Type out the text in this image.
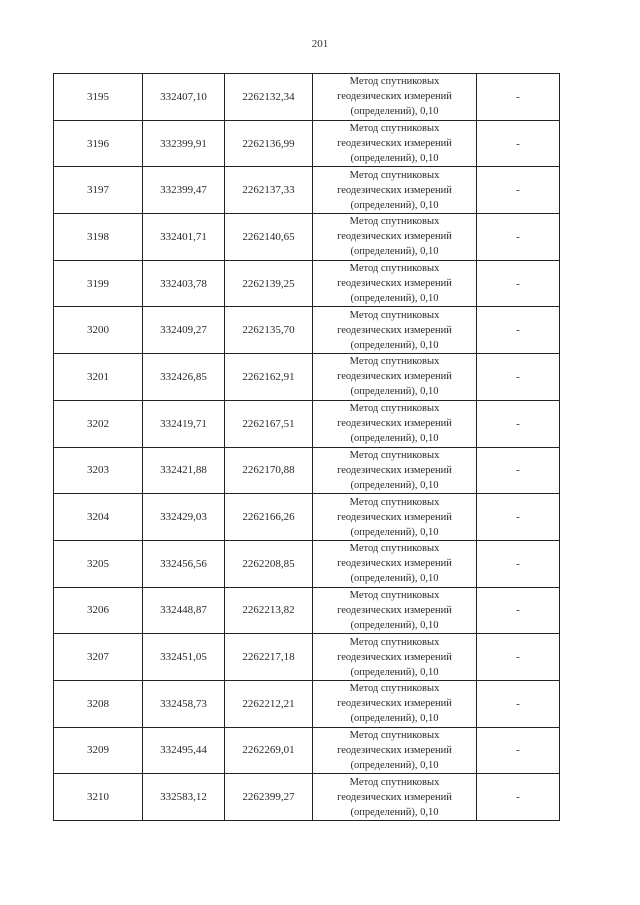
201
3195	332407,10	2262132,34	Метод спутниковых
геодезических измерений
(определений), 0,10	-
3196	332399,91	2262136,99	Метод спутниковых
геодезических измерений
(определений), 0,10	-
3197	332399,47	2262137,33	Метод спутниковых
геодезических измерений
(определений), 0,10	-
3198	332401,71	2262140,65	Метод спутниковых
геодезических измерений
(определений), 0,10	-
3199	332403,78	2262139,25	Метод спутниковых
геодезических измерений
(определений), 0,10	-
3200	332409,27	2262135,70	Метод спутниковых
геодезических измерений
(определений), 0,10	-
3201	332426,85	2262162,91	Метод спутниковых
геодезических измерений
(определений), 0,10	-
3202	332419,71	2262167,51	Метод спутниковых
геодезических измерений
(определений), 0,10	-
3203	332421,88	2262170,88	Метод спутниковых
геодезических измерений
(определений), 0,10	-
3204	332429,03	2262166,26	Метод спутниковых
геодезических измерений
(определений), 0,10	-
3205	332456,56	2262208,85	Метод спутниковых
геодезических измерений
(определений), 0,10	-
3206	332448,87	2262213,82	Метод спутниковых
геодезических измерений
(определений), 0,10	-
3207	332451,05	2262217,18	Метод спутниковых
геодезических измерений
(определений), 0,10	-
3208	332458,73	2262212,21	Метод спутниковых
геодезических измерений
(определений), 0,10	-
3209	332495,44	2262269,01	Метод спутниковых
геодезических измерений
(определений), 0,10	-
3210	332583,12	2262399,27	Метод спутниковых
геодезических измерений
(определений), 0,10	-
